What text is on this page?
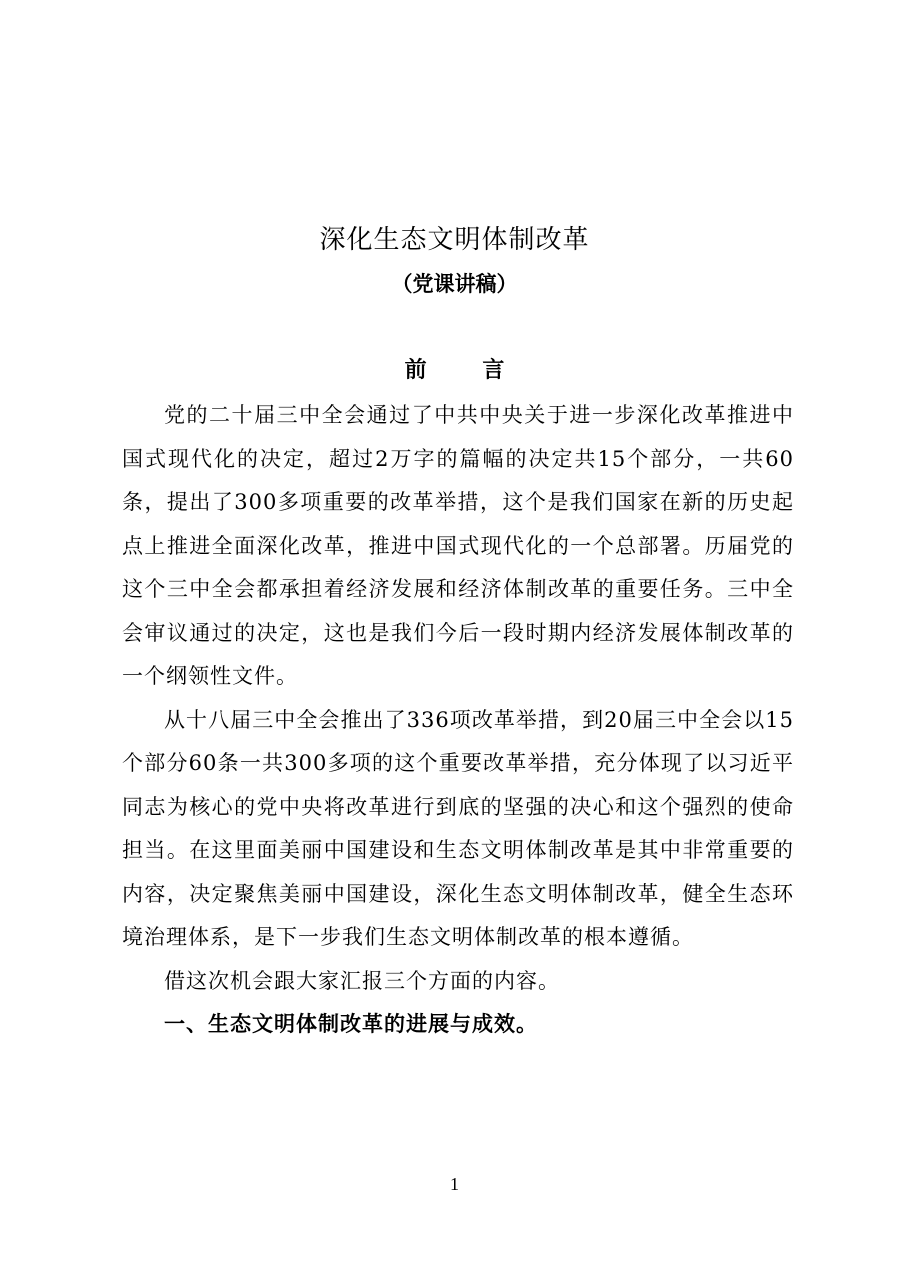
深化生态文明体制改革
（党课讲稿）
前 言

党的二十届三中全会通过了中共中央关于进一步深化改革推进中国式现代化的决定，超过2万字的篇幅的决定共15个部分，一共60条，提出了300多项重要的改革举措，这个是我们国家在新的历史起点上推进全面深化改革，推进中国式现代化的一个总部署。历届党的这个三中全会都承担着经济发展和经济体制改革的重要任务。三中全会审议通过的决定，这也是我们今后一段时期内经济发展体制改革的一个纲领性文件。

从十八届三中全会推出了336项改革举措，到20届三中全会以15个部分60条一共300多项的这个重要改革举措，充分体现了以习近平同志为核心的党中央将改革进行到底的坚强的决心和这个强烈的使命担当。在这里面美丽中国建设和生态文明体制改革是其中非常重要的内容，决定聚焦美丽中国建设，深化生态文明体制改革，健全生态环境治理体系，是下一步我们生态文明体制改革的根本遵循。

借这次机会跟大家汇报三个方面的内容。

一、生态文明体制改革的进展与成效。

1
